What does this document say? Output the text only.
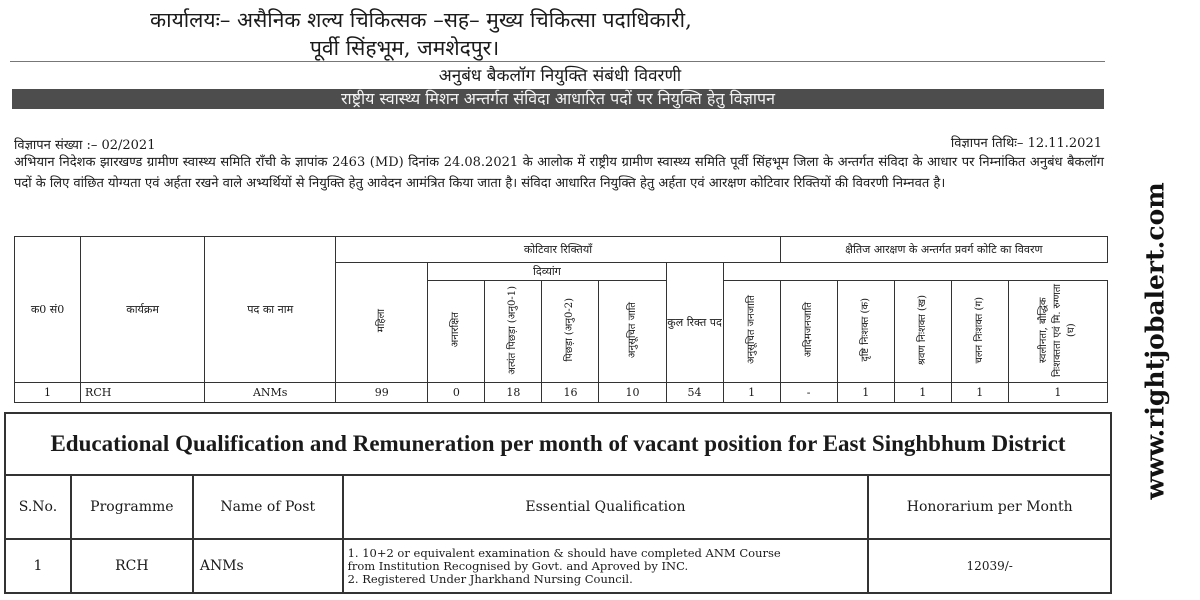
कार्यालयः– असैनिक शल्य चिकित्सक –सह– मुख्य चिकित्सा पदाधिकारी,
पूर्वी सिंहभूम, जमशेदपुर।
अनुबंध बैकलॉग नियुक्ति संबंधी विवरणी
राष्ट्रीय स्वास्थ्य मिशन अन्तर्गत संविदा आधारित पदों पर नियुक्ति हेतु विज्ञापन
विज्ञापन संख्या :– 02/2021	विज्ञापन तिथिः– 12.11.2021
अभियान निदेशक झारखण्ड ग्रामीण स्वास्थ्य समिति रॉंची के ज्ञापांक 2463 (MD) दिनांक 24.08.2021 के आलोक में राष्ट्रीय ग्रामीण स्वास्थ्य समिति पूर्वी सिंहभूम जिला के अन्तर्गत संविदा के आधार पर निम्नांकित अनुबंध बैकलॉग पदों के लिए वांछित योग्यता एवं अर्हता रखने वाले अभ्यर्थियों से नियुक्ति हेतु आवेदन आमंत्रित किया जाता है। संविदा आधारित नियुक्ति हेतु अर्हता एवं आरक्षण कोटिवार रिक्तियों की विवरणी निम्नवत है।
क0 सं0	कार्यक्रम	पद का नाम	कोटिवार रिक्तियाँ							क्षैतिज आरक्षण के अन्तर्गत प्रवर्ग कोटि का विवरण				
			महिला	दिव्यांग				कुल रिक्त पद						
				अनारक्षित	अत्यंत पिछड़ा (अनु0-1)	पिछड़ा (अनु0-2)	अनुसूचित जाति		अनुसूचित जनजाति	आदिमजनजाति	दृष्टि निःशक्त (क)	श्रवण निःशक्त (ख)	चलन निःशक्त (ग)	स्वलीनता, बौद्धिक निःशक्तता एवं मि. रुग्णता (घ)
1	RCH	ANMs	99	0	18	16	10	54	1	-	1	1	1	1
Educational Qualification and Remuneration per month of vacant position for East Singhbhum District				
S.No.	Programme	Name of Post	Essential Qualification	Honorarium per Month
1	RCH	ANMs	1. 10+2 or equivalent examination & should have completed ANM Course
from Institution Recognised by Govt. and Aproved by INC.
2. Registered Under Jharkhand Nursing Council.	12039/-
www.rightjobalert.com
